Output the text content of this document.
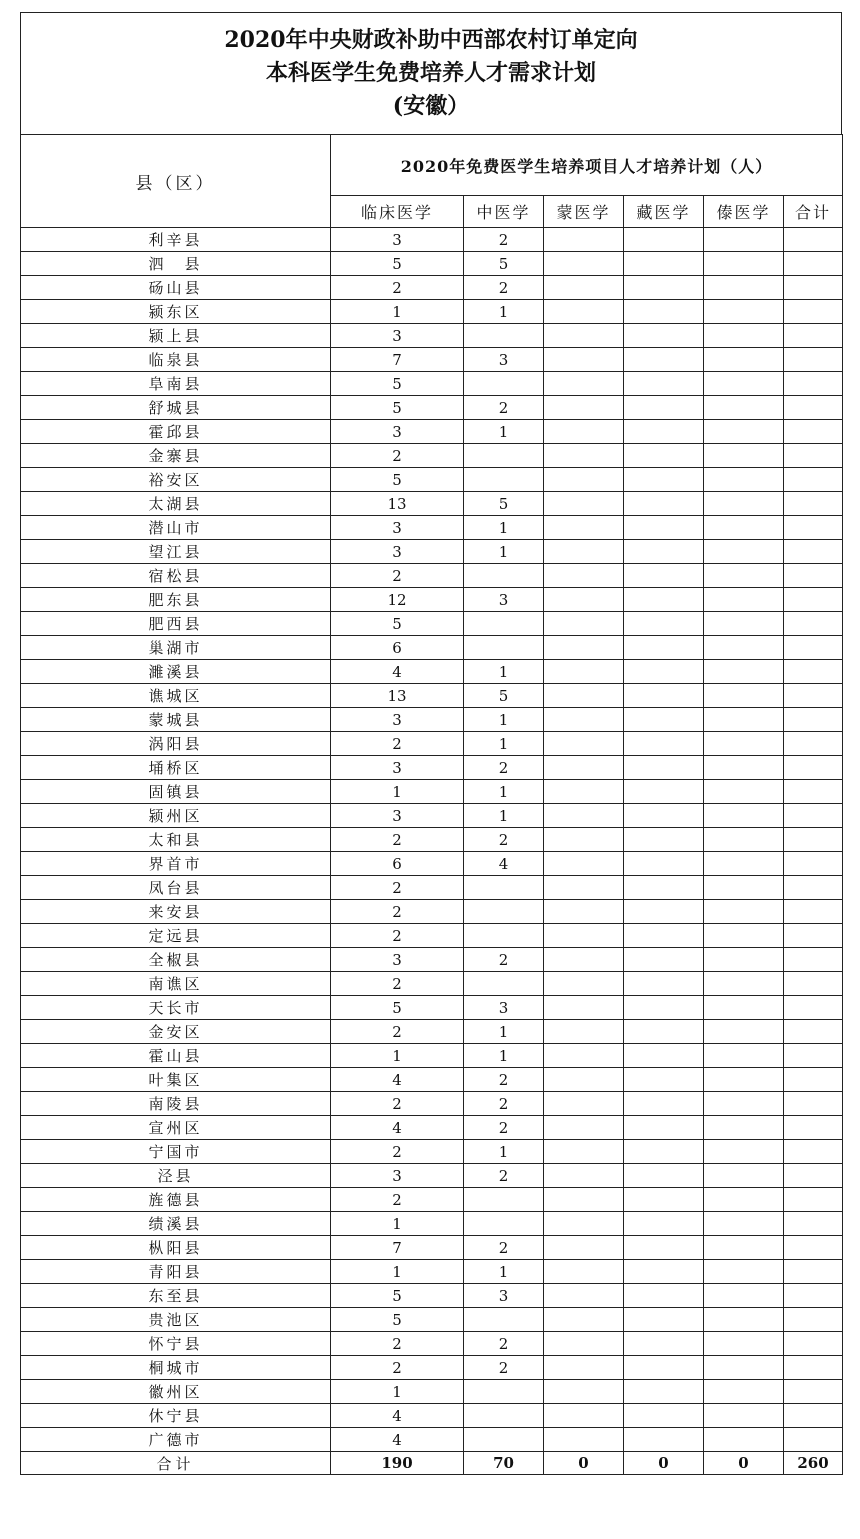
2020年中央财政补助中西部农村订单定向
本科医学生免费培养人才需求计划
(安徽）
县（区）	2020年免费医学生培养项目人才培养计划（人）					
	临床医学	中医学	蒙医学	藏医学	傣医学	合计
利辛县	3	2				
泗　县	5	5				
砀山县	2	2				
颍东区	1	1				
颍上县	3					
临泉县	7	3				
阜南县	5					
舒城县	5	2				
霍邱县	3	1				
金寨县	2					
裕安区	5					
太湖县	13	5				
潜山市	3	1				
望江县	3	1				
宿松县	2					
肥东县	12	3				
肥西县	5					
巢湖市	6					
濉溪县	4	1				
谯城区	13	5				
蒙城县	3	1				
涡阳县	2	1				
埇桥区	3	2				
固镇县	1	1				
颍州区	3	1				
太和县	2	2				
界首市	6	4				
凤台县	2					
来安县	2					
定远县	2					
全椒县	3	2				
南谯区	2					
天长市	5	3				
金安区	2	1				
霍山县	1	1				
叶集区	4	2				
南陵县	2	2				
宣州区	4	2				
宁国市	2	1				
泾县	3	2				
旌德县	2					
绩溪县	1					
枞阳县	7	2				
青阳县	1	1				
东至县	5	3				
贵池区	5					
怀宁县	2	2				
桐城市	2	2				
徽州区	1					
休宁县	4					
广德市	4					
合计	190	70	0	0	0	260
